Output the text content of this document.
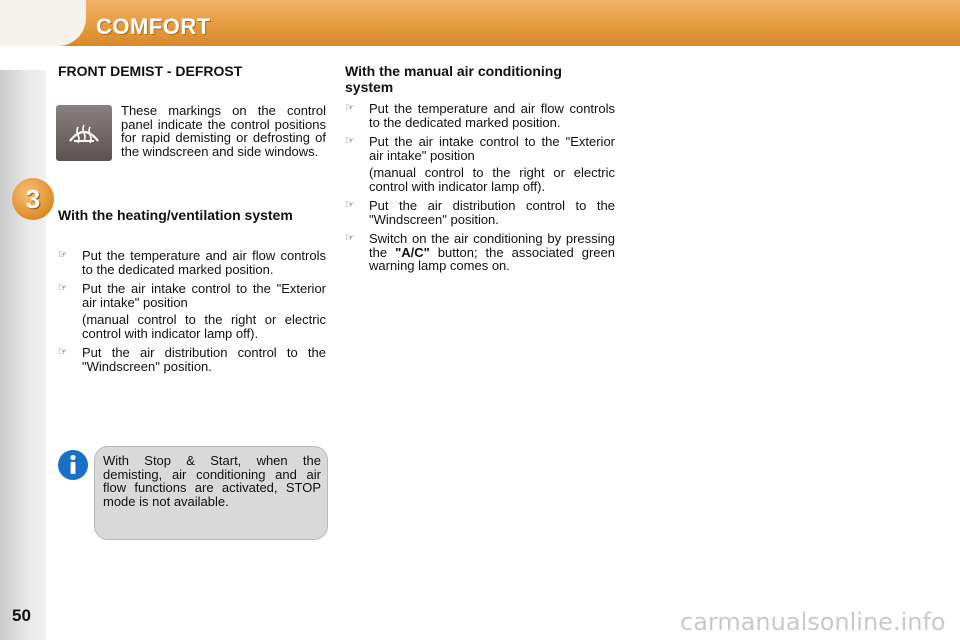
COMFORT
3
50
FRONT DEMIST - DEFROST
These markings on the control panel indicate the control positions for rapid demisting or defrosting of the windscreen and side windows.
With the heating/ventilation system
☞	Put the temperature and air flow controls to the dedicated marked position.
☞	Put the air intake control to the "Exterior air intake" position
(manual control to the right or electric control with indicator lamp off).
☞	Put the air distribution control to the "Windscreen" position.
With Stop & Start, when the demisting, air conditioning and air flow functions are activated, STOP mode is not available.
With the manual air conditioning system
☞	Put the temperature and air flow controls to the dedicated marked position.
☞	Put the air intake control to the "Exterior air intake" position
(manual control to the right or electric control with indicator lamp off).
☞	Put the air distribution control to the "Windscreen" position.
☞	Switch on the air conditioning by pressing the "A/C" button; the associated green warning lamp comes on.
carmanualsonline.info
